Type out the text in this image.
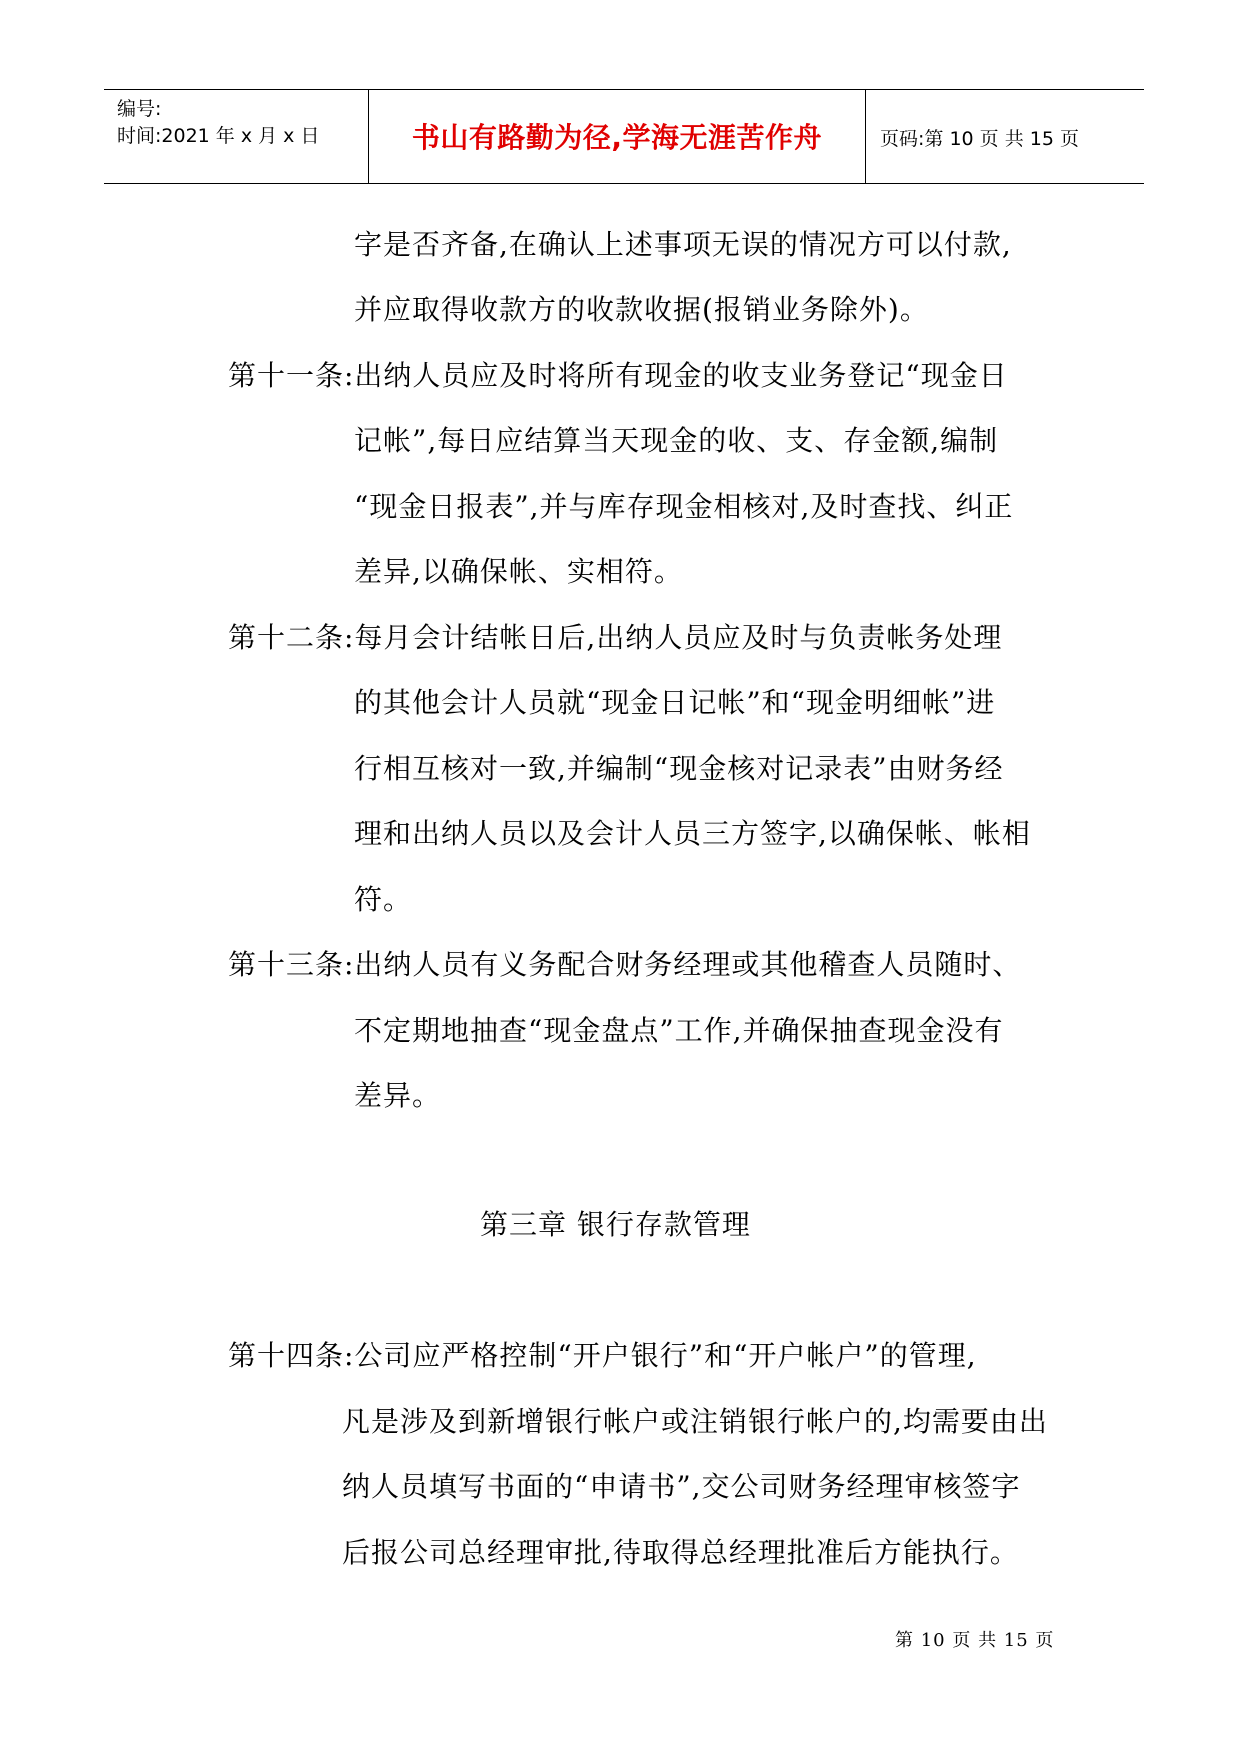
编号:
时间:2021 年 x 月 x 日	书山有路勤为径,学海无涯苦作舟	页码:第 10 页 共 15 页
字是否齐备,在确认上述事项无误的情况方可以付款,
并应取得收款方的收款收据(报销业务除外)。
第十一条:出纳人员应及时将所有现金的收支业务登记“现金日
记帐”,每日应结算当天现金的收、支、存金额,编制
“现金日报表”,并与库存现金相核对,及时查找、纠正
差异,以确保帐、实相符。
第十二条:每月会计结帐日后,出纳人员应及时与负责帐务处理
的其他会计人员就“现金日记帐”和“现金明细帐”进
行相互核对一致,并编制“现金核对记录表”由财务经
理和出纳人员以及会计人员三方签字,以确保帐、帐相
符。
第十三条:出纳人员有义务配合财务经理或其他稽查人员随时、
不定期地抽查“现金盘点”工作,并确保抽查现金没有
差异。
第三章 银行存款管理
第十四条:公司应严格控制“开户银行”和“开户帐户”的管理,
凡是涉及到新增银行帐户或注销银行帐户的,均需要由出
纳人员填写书面的“申请书”,交公司财务经理审核签字
后报公司总经理审批,待取得总经理批准后方能执行。
第 10 页 共 15 页
